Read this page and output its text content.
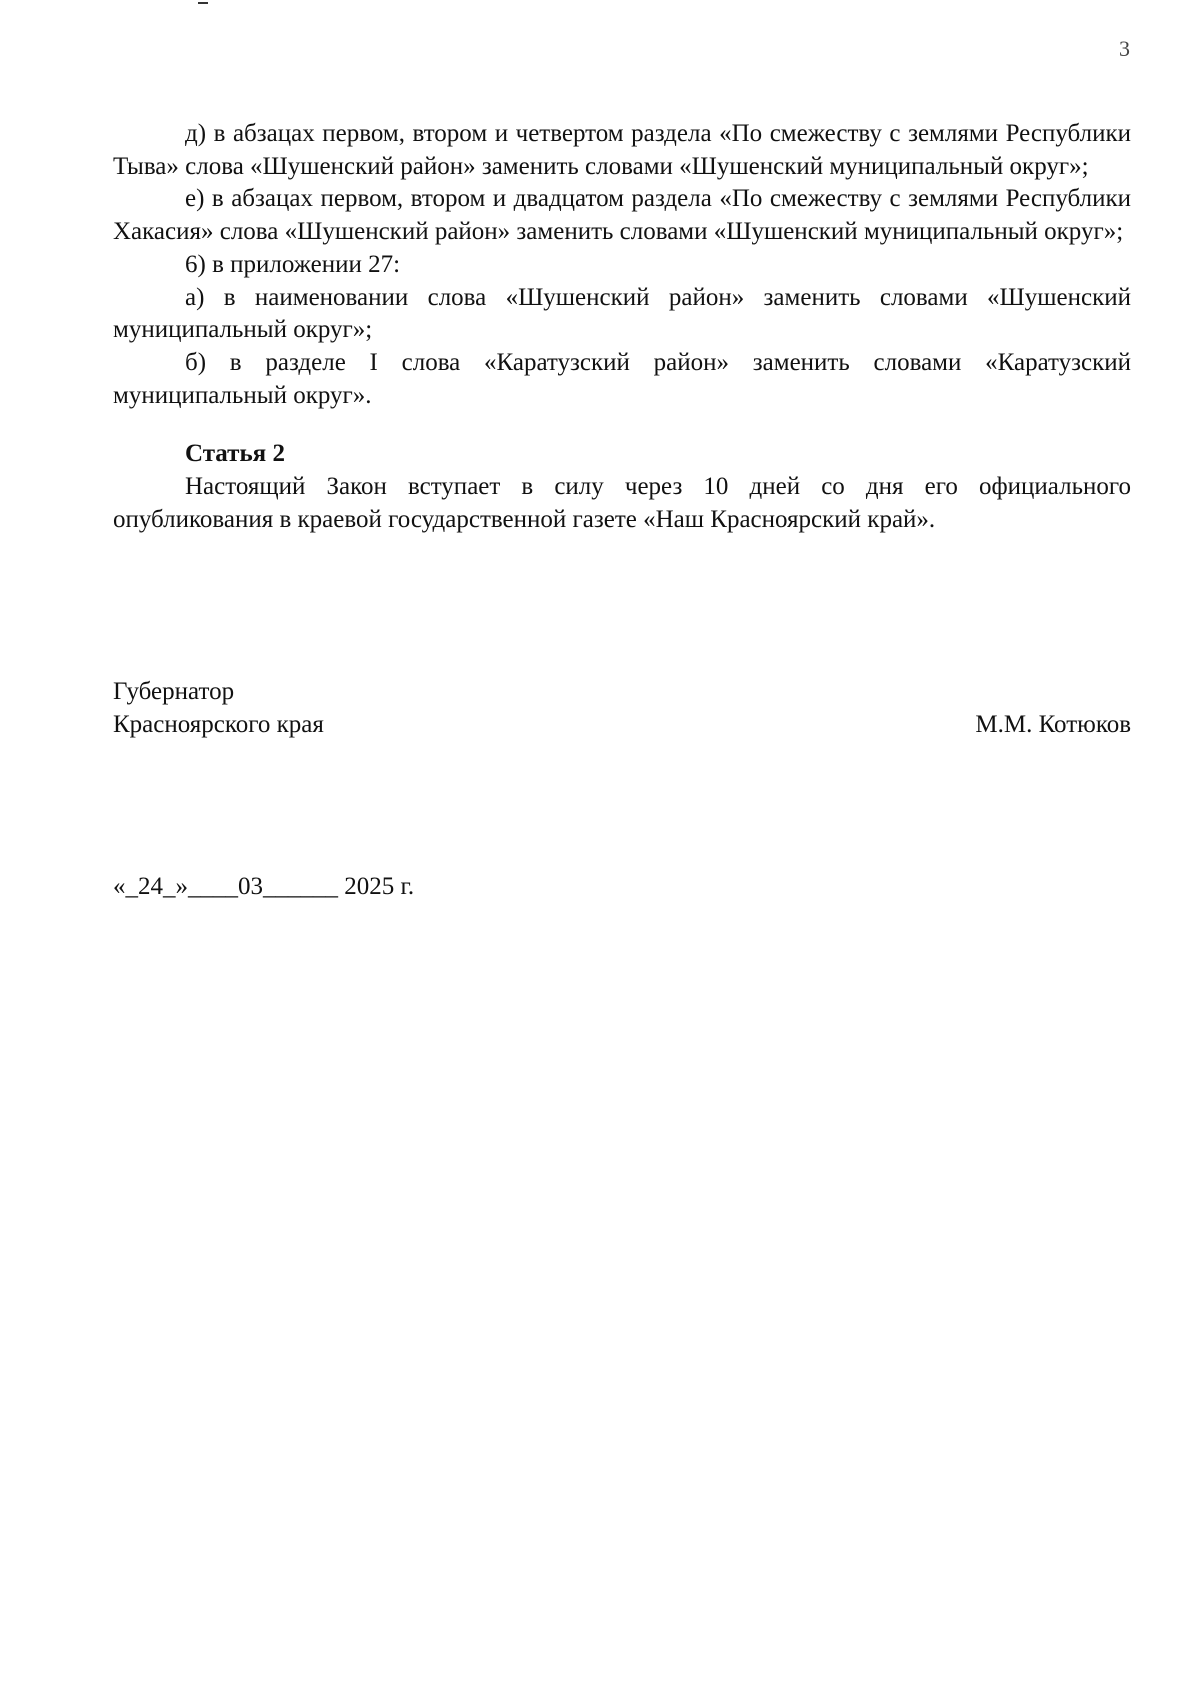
3

д) в абзацах первом, втором и четвертом раздела «По смежеству с землями Республики Тыва» слова «Шушенский район» заменить словами «Шушенский муниципальный округ»;

е) в абзацах первом, втором и двадцатом раздела «По смежеству с землями Республики Хакасия» слова «Шушенский район» заменить словами «Шушенский муниципальный округ»;

6) в приложении 27:

а) в наименовании слова «Шушенский район» заменить словами «Шушенский муниципальный округ»;

б) в разделе I слова «Каратузский район» заменить словами «Каратузский муниципальный округ».

Статья 2

Настоящий Закон вступает в силу через 10 дней со дня его официального опубликования в краевой государственной газете «Наш Красноярский край».

Губернатор
Красноярского края	М.М. Котюков
«_24_»____03______ 2025 г.
